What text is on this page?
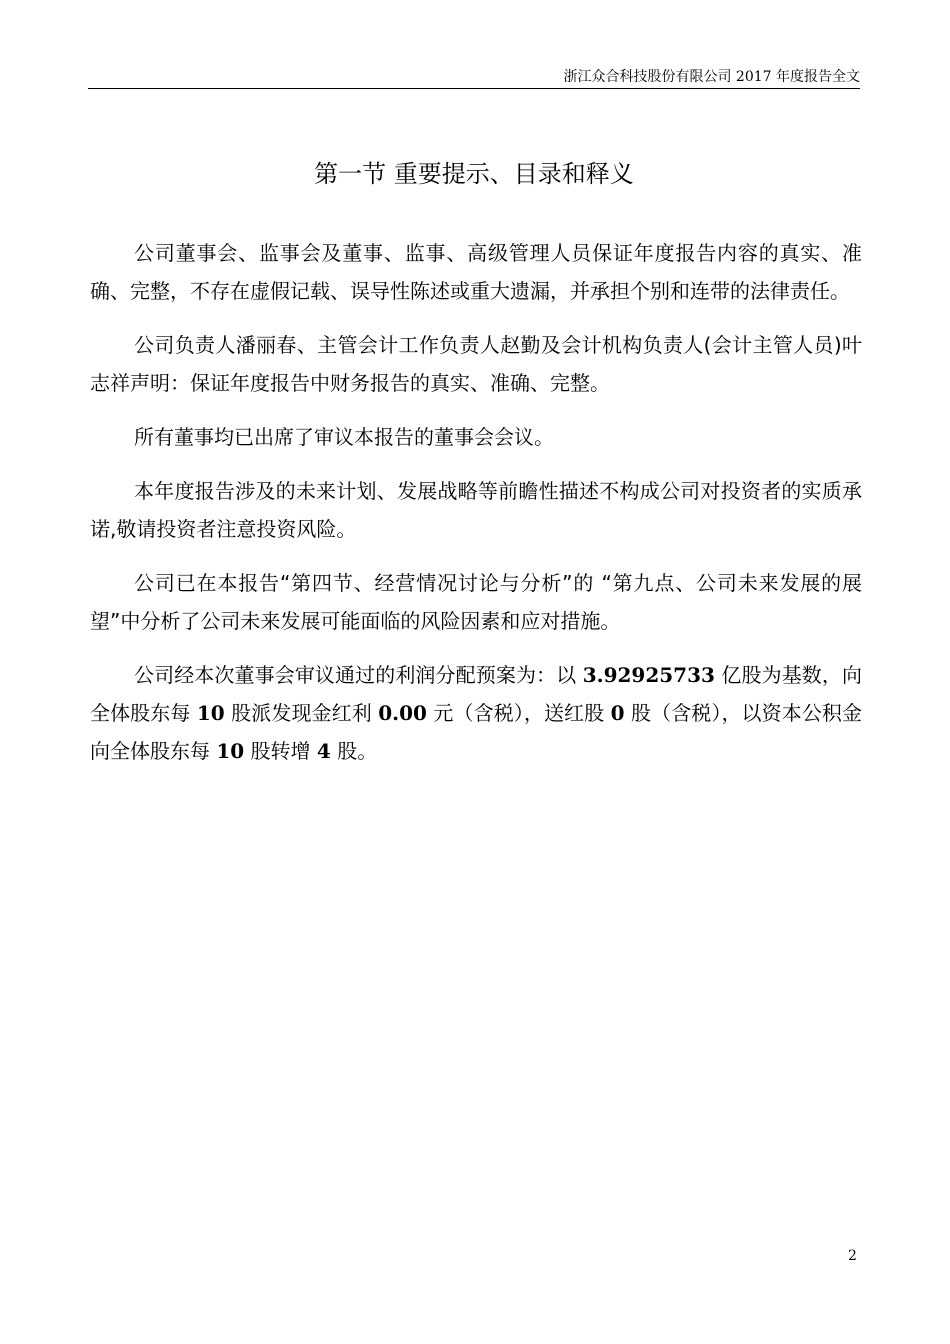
浙江众合科技股份有限公司 2017 年度报告全文
第一节 重要提示、目录和释义

公司董事会、监事会及董事、监事、高级管理人员保证年度报告内容的真实、准确、完整，不存在虚假记载、误导性陈述或重大遗漏，并承担个别和连带的法律责任。

公司负责人潘丽春、主管会计工作负责人赵勤及会计机构负责人(会计主管人员)叶志祥声明：保证年度报告中财务报告的真实、准确、完整。

所有董事均已出席了审议本报告的董事会会议。

本年度报告涉及的未来计划、发展战略等前瞻性描述不构成公司对投资者的实质承诺,敬请投资者注意投资风险。

公司已在本报告“第四节、经营情况讨论与分析”的 “第九点、公司未来发展的展望”中分析了公司未来发展可能面临的风险因素和应对措施。

公司经本次董事会审议通过的利润分配预案为：以 3.92925733 亿股为基数，向全体股东每 10 股派发现金红利 0.00 元（含税），送红股 0 股（含税），以资本公积金向全体股东每 10 股转增 4 股。

2
